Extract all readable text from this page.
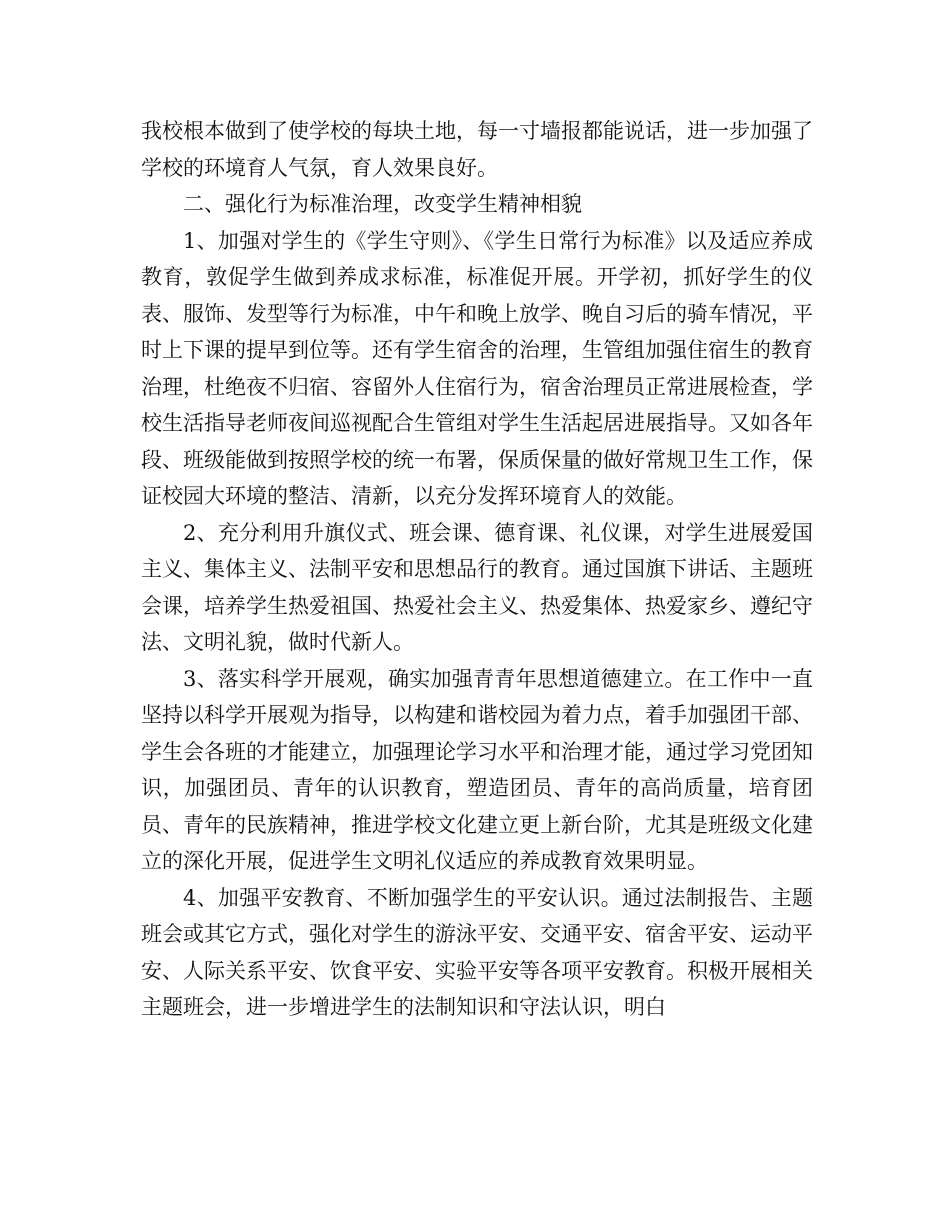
我校根本做到了使学校的每块土地，每一寸墙报都能说话，进一步加强了学校的环境育人气氛，育人效果良好。

二、强化行为标准治理，改变学生精神相貌

1、加强对学生的《学生守则》、《学生日常行为标准》以及适应养成教育，敦促学生做到养成求标准，标准促开展。开学初，抓好学生的仪表、服饰、发型等行为标准，中午和晚上放学、晚自习后的骑车情况，平时上下课的提早到位等。还有学生宿舍的治理，生管组加强住宿生的教育治理，杜绝夜不归宿、容留外人住宿行为，宿舍治理员正常进展检查，学校生活指导老师夜间巡视配合生管组对学生生活起居进展指导。又如各年段、班级能做到按照学校的统一布署，保质保量的做好常规卫生工作，保证校园大环境的整洁、清新，以充分发挥环境育人的效能。

2、充分利用升旗仪式、班会课、德育课、礼仪课，对学生进展爱国主义、集体主义、法制平安和思想品行的教育。通过国旗下讲话、主题班会课，培养学生热爱祖国、热爱社会主义、热爱集体、热爱家乡、遵纪守法、文明礼貌，做时代新人。

3、落实科学开展观，确实加强青青年思想道德建立。在工作中一直坚持以科学开展观为指导，以构建和谐校园为着力点，着手加强团干部、学生会各班的才能建立，加强理论学习水平和治理才能，通过学习党团知识，加强团员、青年的认识教育，塑造团员、青年的高尚质量，培育团员、青年的民族精神，推进学校文化建立更上新台阶，尤其是班级文化建立的深化开展，促进学生文明礼仪适应的养成教育效果明显。

4、加强平安教育、不断加强学生的平安认识。通过法制报告、主题班会或其它方式，强化对学生的游泳平安、交通平安、宿舍平安、运动平安、人际关系平安、饮食平安、实验平安等各项平安教育。积极开展相关主题班会，进一步增进学生的法制知识和守法认识，明白
